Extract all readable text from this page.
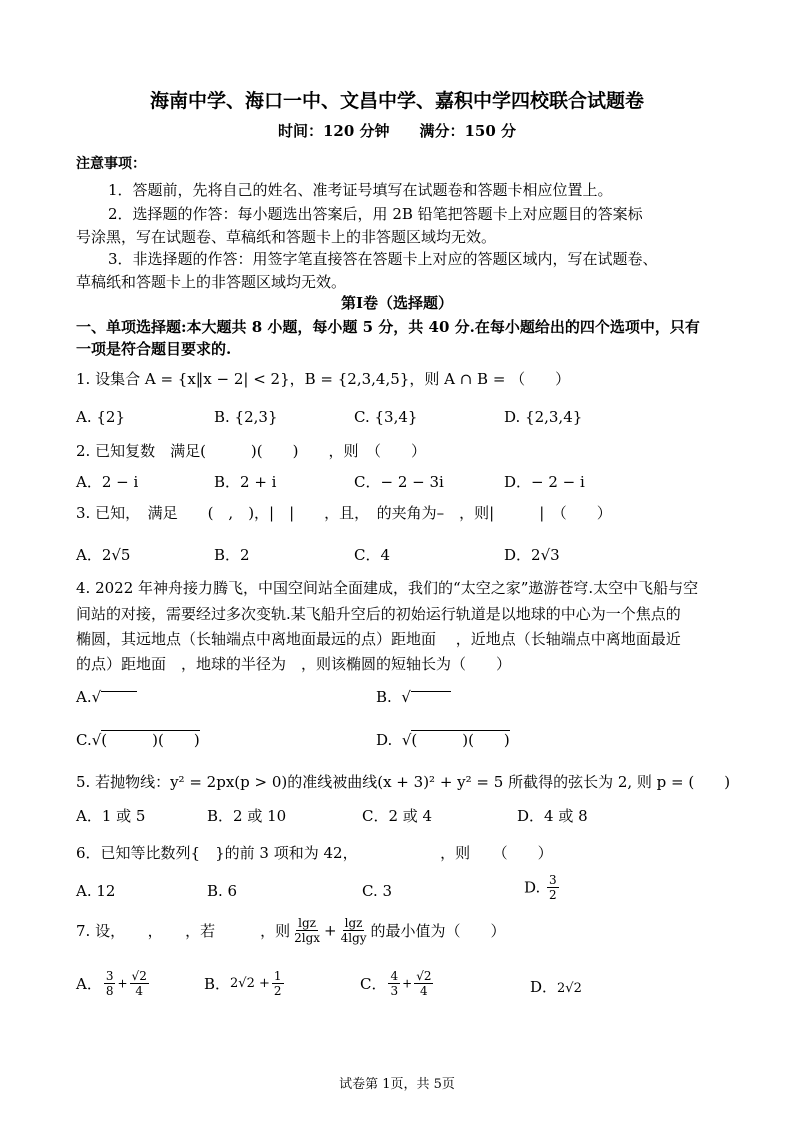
海南中学、海口一中、文昌中学、嘉积中学四校联合试题卷
时间：120 分钟　　满分：150 分
注意事项：
1．答题前，先将自己的姓名、准考证号填写在试题卷和答题卡相应位置上。
2．选择题的作答：每小题选出答案后，用 2B 铅笔把答题卡上对应题目的答案标
号涂黑，写在试题卷、草稿纸和答题卡上的非答题区域均无效。
3．非选择题的作答：用签字笔直接答在答题卡上对应的答题区域内，写在试题卷、
草稿纸和答题卡上的非答题区域均无效。
第Ⅰ卷（选择题）
一、单项选择题:本大题共 8 小题，每小题 5 分，共 40 分.在每小题给出的四个选项中，只有
一项是符合题目要求的.
1. 设集合 A = {x‖x − 2| < 2}，B = {2,3,4,5}，则 A ∩ B = （　　）
A. {2}	B. {2,3}	C. {3,4}	D. {2,3,4}
2. 已知复数　满足(　　　)(　　)　　，则　（　　）
A．2 − i	B．2 + i	C．− 2 − 3i	D．− 2 − i
3. 已知，　满足　　(　,　)，|　|　　，且，　的夹角为–　，则|　　　|　（　　）
A．2√5	B．2	C．4	D．2√3
4. 2022 年神舟接力腾飞，中国空间站全面建成，我们的“太空之家”遨游苍穹.太空中飞船与空
间站的对接，需要经过多次变轨.某飞船升空后的初始运行轨道是以地球的中心为一个焦点的
椭圆，其远地点（长轴端点中离地面最远的点）距地面　 ，近地点（长轴端点中离地面最近
的点）距地面　，地球的半径为　，则该椭圆的短轴长为（　　）
A.√	B. √
C.√(　　　)(　　)	D. √(　　　)(　　)
5. 若抛物线：y² = 2px(p > 0)的准线被曲线(x + 3)² + y² = 5 所截得的弦长为 2, 则 p = (　　)
A．1 或 5	B．2 或 10	C．2 或 4	D．4 或 8
6．已知等比数列{　}的前 3 项和为 42，　　　　　　，则　　（　　）
A. 12	B. 6	C. 3	D. $\frac{3}{2}$
7. 设，　　，　　，若　　　，则 $\frac{\lg z}{2\lg x} + \frac{\lg z}{4\lg y}$ 的最小值为（　　）
A． $\frac{3}{8} + \frac{√2}{4}$	B．$2√2 + \frac{1}{2}$	C． $\frac{4}{3} + \frac{√2}{4}$	D．2√2
试卷第 1页，共 5页
